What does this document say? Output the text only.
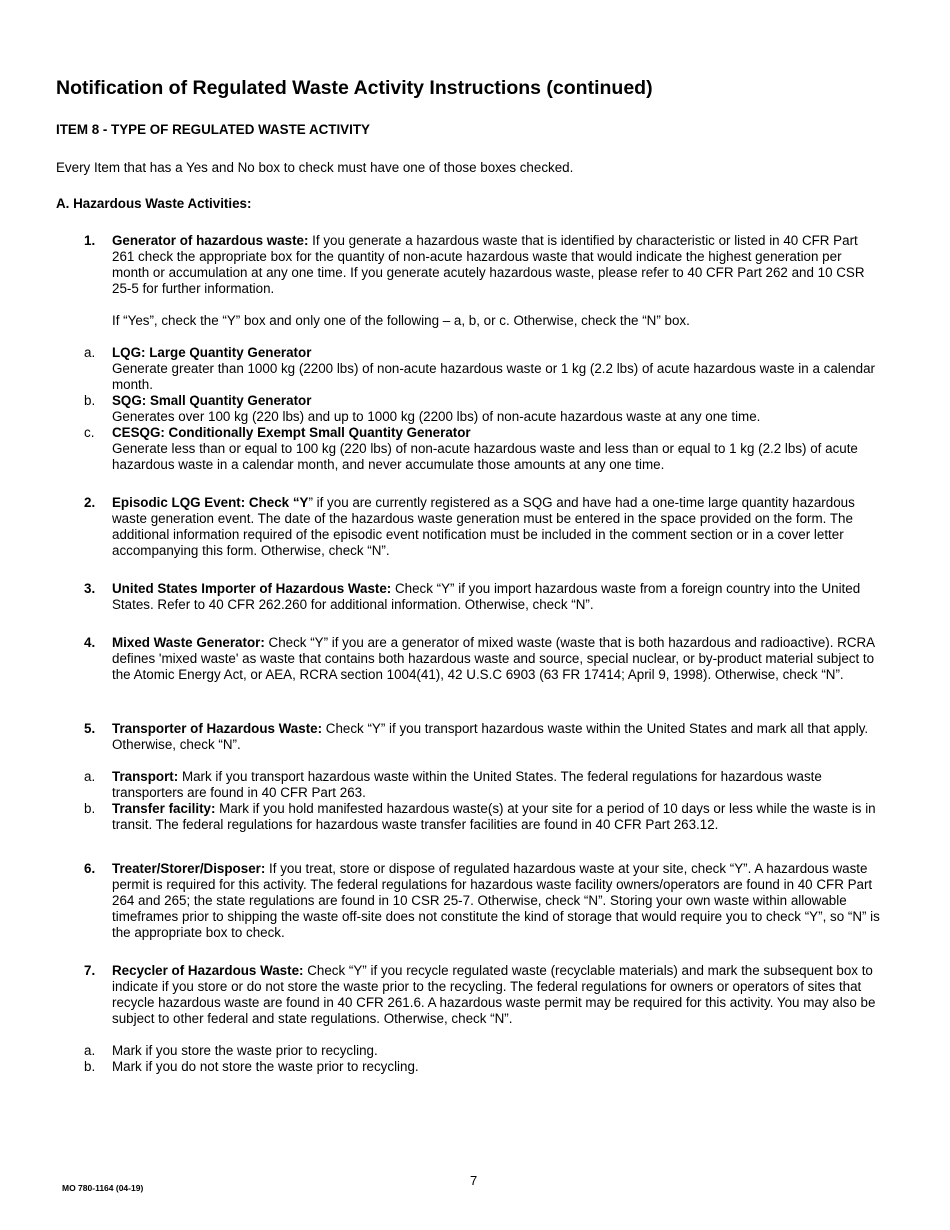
Notification of Regulated Waste Activity Instructions (continued)
ITEM 8 - TYPE OF REGULATED WASTE ACTIVITY

Every Item that has a Yes and No box to check must have one of those boxes checked.

A. Hazardous Waste Activities:
1. Generator of hazardous waste: If you generate a hazardous waste that is identified by characteristic or listed in 40 CFR Part 261 check the appropriate box for the quantity of non-acute hazardous waste that would indicate the highest generation per month or accumulation at any one time. If you generate acutely hazardous waste, please refer to 40 CFR Part 262 and 10 CSR 25-5 for further information.

If “Yes”, check the “Y” box and only one of the following – a, b, or c. Otherwise, check the “N” box.

a. LQG: Large Quantity Generator
Generate greater than 1000 kg (2200 lbs) of non-acute hazardous waste or 1 kg (2.2 lbs) of acute hazardous waste in a calendar month.
b. SQG: Small Quantity Generator
Generates over 100 kg (220 lbs) and up to 1000 kg (2200 lbs) of non-acute hazardous waste at any one time.
c. CESQG: Conditionally Exempt Small Quantity Generator
Generate less than or equal to 100 kg (220 lbs) of non-acute hazardous waste and less than or equal to 1 kg (2.2 lbs) of acute hazardous waste in a calendar month, and never accumulate those amounts at any one time.
2. Episodic LQG Event: Check “Y” if you are currently registered as a SQG and have had a one-time large quantity hazardous waste generation event. The date of the hazardous waste generation must be entered in the space provided on the form. The additional information required of the episodic event notification must be included in the comment section or in a cover letter accompanying this form. Otherwise, check “N”.

3. United States Importer of Hazardous Waste: Check “Y” if you import hazardous waste from a foreign country into the United States. Refer to 40 CFR 262.260 for additional information. Otherwise, check “N”.

4. Mixed Waste Generator: Check “Y” if you are a generator of mixed waste (waste that is both hazardous and radioactive). RCRA defines 'mixed waste' as waste that contains both hazardous waste and source, special nuclear, or by-product material subject to the Atomic Energy Act, or AEA, RCRA section 1004(41), 42 U.S.C 6903 (63 FR 17414; April 9, 1998). Otherwise, check “N”.

5. Transporter of Hazardous Waste: Check “Y” if you transport hazardous waste within the United States and mark all that apply. Otherwise, check “N”.

a. Transport: Mark if you transport hazardous waste within the United States. The federal regulations for hazardous waste transporters are found in 40 CFR Part 263.
b. Transfer facility: Mark if you hold manifested hazardous waste(s) at your site for a period of 10 days or less while the waste is in transit. The federal regulations for hazardous waste transfer facilities are found in 40 CFR Part 263.12.
6. Treater/Storer/Disposer: If you treat, store or dispose of regulated hazardous waste at your site, check “Y”. A hazardous waste permit is required for this activity. The federal regulations for hazardous waste facility owners/operators are found in 40 CFR Part 264 and 265; the state regulations are found in 10 CSR 25-7. Otherwise, check “N”. Storing your own waste within allowable timeframes prior to shipping the waste off-site does not constitute the kind of storage that would require you to check “Y”, so “N” is the appropriate box to check.

7. Recycler of Hazardous Waste: Check “Y” if you recycle regulated waste (recyclable materials) and mark the subsequent box to indicate if you store or do not store the waste prior to the recycling. The federal regulations for owners or operators of sites that recycle hazardous waste are found in 40 CFR 261.6. A hazardous waste permit may be required for this activity. You may also be subject to other federal and state regulations. Otherwise, check “N”.

a. Mark if you store the waste prior to recycling.
b. Mark if you do not store the waste prior to recycling.
MO 780-1164 (04-19)	7
